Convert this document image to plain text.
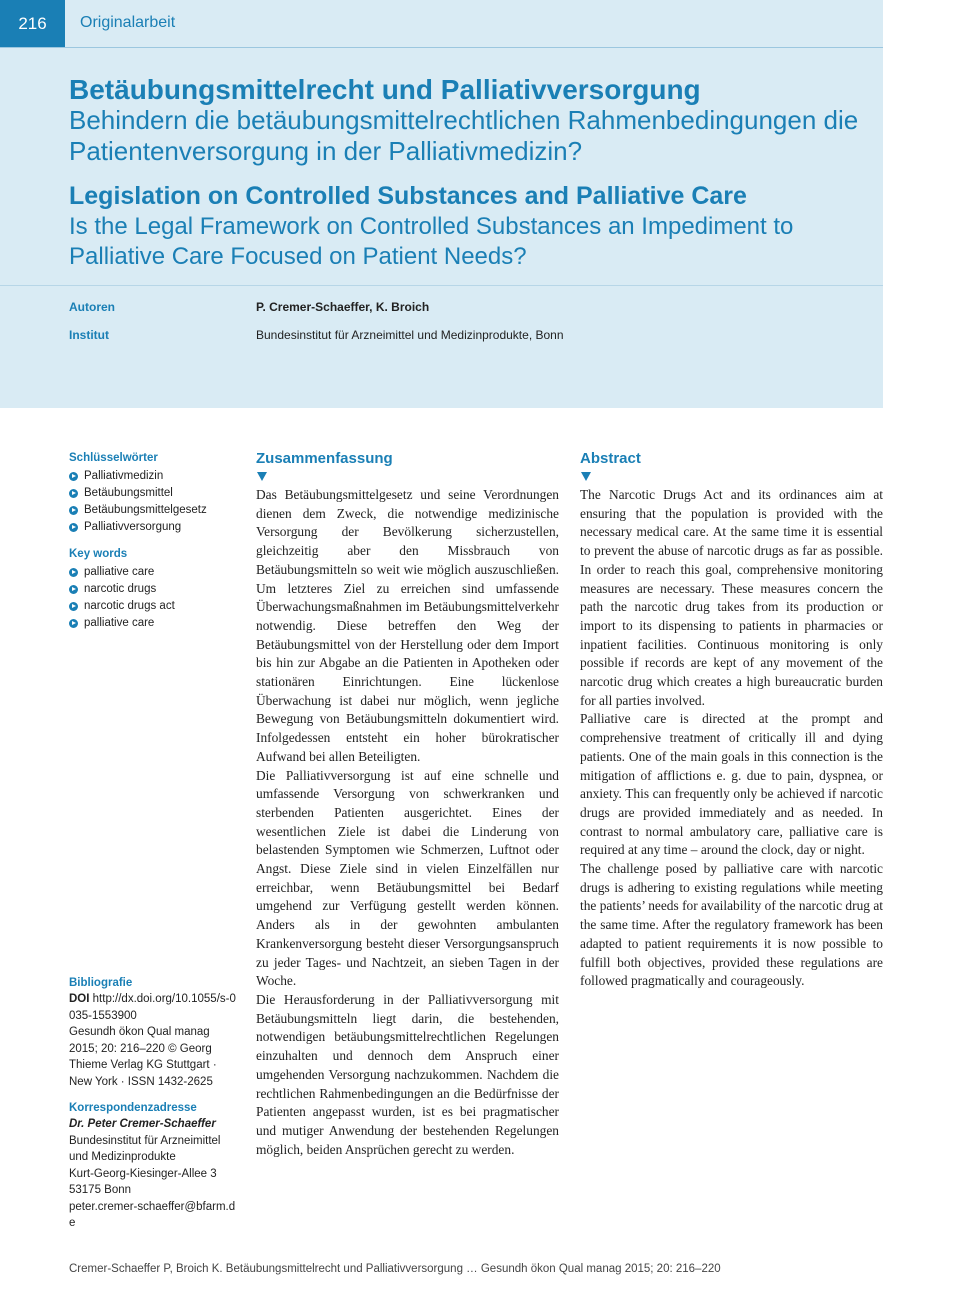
216	Originalarbeit
Betäubungsmittelrecht und Palliativversorgung
Behindern die betäubungsmittelrechtlichen Rahmenbedingungen die Patientenversorgung in der Palliativmedizin?
Legislation on Controlled Substances and Palliative Care
Is the Legal Framework on Controlled Substances an Impediment to Palliative Care Focused on Patient Needs?
Autoren	P. Cremer-Schaeffer, K. Broich
Institut	Bundesinstitut für Arzneimittel und Medizinprodukte, Bonn
Schlüsselwörter
Palliativmedizin
Betäubungsmittel
Betäubungsmittelgesetz
Palliativversorgung
Key words
palliative care
narcotic drugs
narcotic drugs act
palliative care
Bibliografie
DOI http://dx.doi.org/10.1055/s-0035-1553900
Gesundh ökon Qual manag 2015; 20: 216–220 © Georg Thieme Verlag KG Stuttgart · New York · ISSN 1432-2625
Korrespondenzadresse
Dr. Peter Cremer-Schaeffer
Bundesinstitut für Arzneimittel und Medizinprodukte
Kurt-Georg-Kiesinger-Allee 3
53175 Bonn
peter.cremer-schaeffer@bfarm.de
Zusammenfassung

Das Betäubungsmittelgesetz und seine Verordnungen dienen dem Zweck, die notwendige medizinische Versorgung der Bevölkerung sicherzustellen, gleichzeitig aber den Missbrauch von Betäubungsmitteln so weit wie möglich auszuschließen. Um letzteres Ziel zu erreichen sind umfassende Überwachungsmaßnahmen im Betäubungsmittelverkehr notwendig. Diese betreffen den Weg der Betäubungsmittel von der Herstellung oder dem Import bis hin zur Abgabe an die Patienten in Apotheken oder stationären Einrichtungen. Eine lückenlose Überwachung ist dabei nur möglich, wenn jegliche Bewegung von Betäubungsmitteln dokumentiert wird. Infolgedessen entsteht ein hoher bürokratischer Aufwand bei allen Beteiligten.

Die Palliativversorgung ist auf eine schnelle und umfassende Versorgung von schwerkranken und sterbenden Patienten ausgerichtet. Eines der wesentlichen Ziele ist dabei die Linderung von belastenden Symptomen wie Schmerzen, Luftnot oder Angst. Diese Ziele sind in vielen Einzelfällen nur erreichbar, wenn Betäubungsmittel bei Bedarf umgehend zur Verfügung gestellt werden können. Anders als in der gewohnten ambulanten Krankenversorgung besteht dieser Versorgungsanspruch zu jeder Tages- und Nachtzeit, an sieben Tagen in der Woche.

Die Herausforderung in der Palliativversorgung mit Betäubungsmitteln liegt darin, die bestehenden, notwendigen betäubungsmittelrechtlichen Regelungen einzuhalten und dennoch dem Anspruch einer umgehenden Versorgung nachzukommen. Nachdem die rechtlichen Rahmenbedingungen an die Bedürfnisse der Patienten angepasst wurden, ist es bei pragmatischer und mutiger Anwendung der bestehenden Regelungen möglich, beiden Ansprüchen gerecht zu werden.

Abstract

The Narcotic Drugs Act and its ordinances aim at ensuring that the population is provided with the necessary medical care. At the same time it is essential to prevent the abuse of narcotic drugs as far as possible. In order to reach this goal, comprehensive monitoring measures are necessary. These measures concern the path the narcotic drug takes from its production or import to its dispensing to patients in pharmacies or inpatient facilities. Continuous monitoring is only possible if records are kept of any movement of the narcotic drug which creates a high bureaucratic burden for all parties involved.

Palliative care is directed at the prompt and comprehensive treatment of critically ill and dying patients. One of the main goals in this connection is the mitigation of afflictions e. g. due to pain, dyspnea, or anxiety. This can frequently only be achieved if narcotic drugs are provided immediately and as needed. In contrast to normal ambulatory care, palliative care is required at any time – around the clock, day or night.

The challenge posed by palliative care with narcotic drugs is adhering to existing regulations while meeting the patients’ needs for availability of the narcotic drug at the same time. After the regulatory framework has been adapted to patient requirements it is now possible to fulfill both objectives, provided these regulations are followed pragmatically and courageously.

Cremer-Schaeffer P, Broich K. Betäubungsmittelrecht und Palliativversorgung … Gesundh ökon Qual manag 2015; 20: 216–220
